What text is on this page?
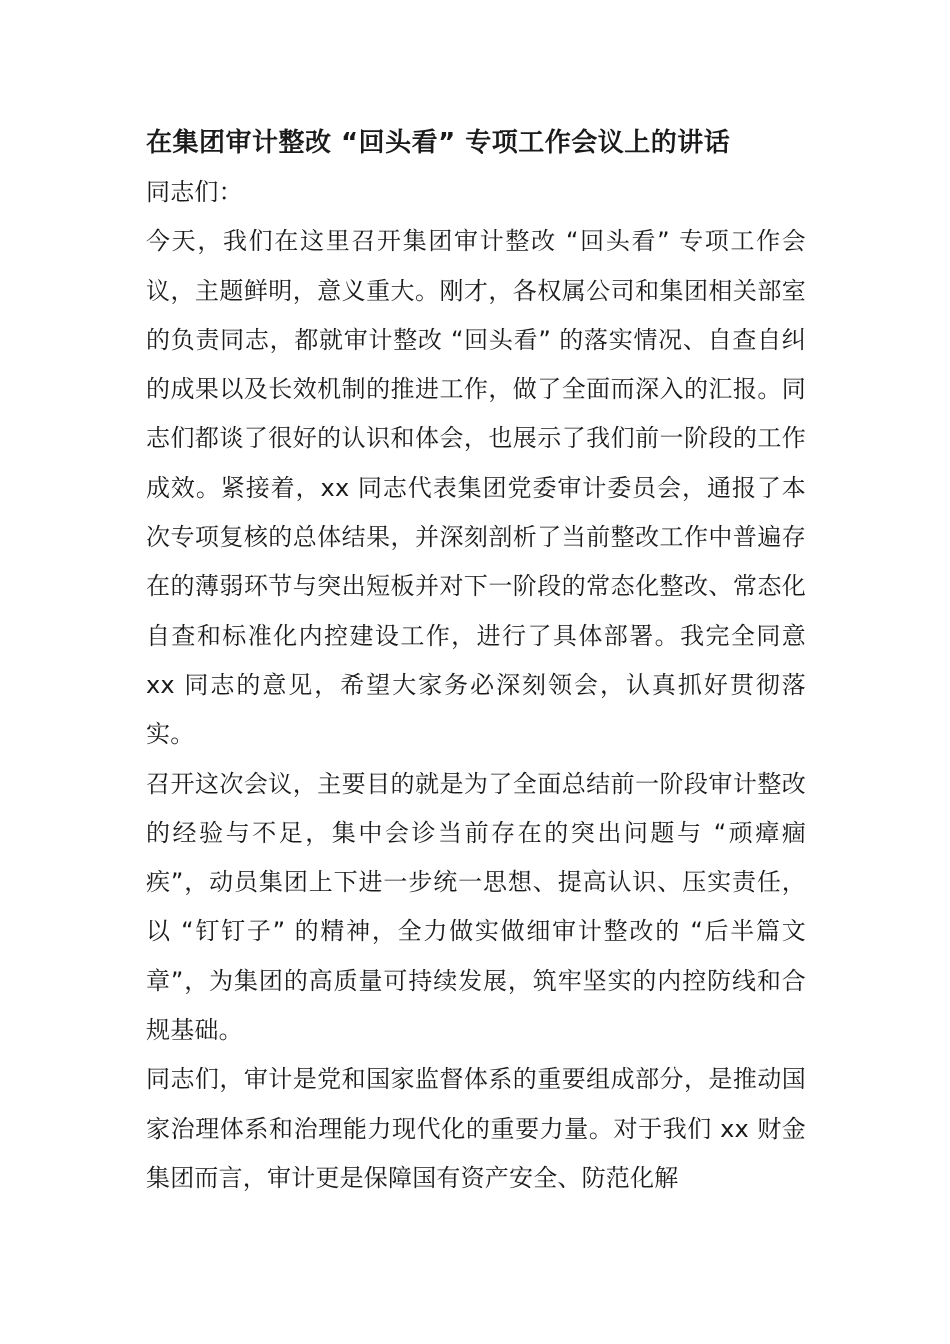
在集团审计整改 “回头看” 专项工作会议上的讲话

同志们：

今天，我们在这里召开集团审计整改 “回头看” 专项工作会议，主题鲜明，意义重大。刚才，各权属公司和集团相关部室的负责同志，都就审计整改 “回头看” 的落实情况、自查自纠的成果以及长效机制的推进工作，做了全面而深入的汇报。同志们都谈了很好的认识和体会，也展示了我们前一阶段的工作成效。紧接着，xx 同志代表集团党委审计委员会，通报了本次专项复核的总体结果，并深刻剖析了当前整改工作中普遍存在的薄弱环节与突出短板并对下一阶段的常态化整改、常态化自查和标准化内控建设工作，进行了具体部署。我完全同意 xx 同志的意见，希望大家务必深刻领会，认真抓好贯彻落实。

召开这次会议，主要目的就是为了全面总结前一阶段审计整改的经验与不足，集中会诊当前存在的突出问题与 “顽瘴痼疾”，动员集团上下进一步统一思想、提高认识、压实责任，以 “钉钉子” 的精神，全力做实做细审计整改的 “后半篇文章”，为集团的高质量可持续发展，筑牢坚实的内控防线和合规基础。

同志们，审计是党和国家监督体系的重要组成部分，是推动国家治理体系和治理能力现代化的重要力量。对于我们 xx 财金集团而言，审计更是保障国有资产安全、防范化解
